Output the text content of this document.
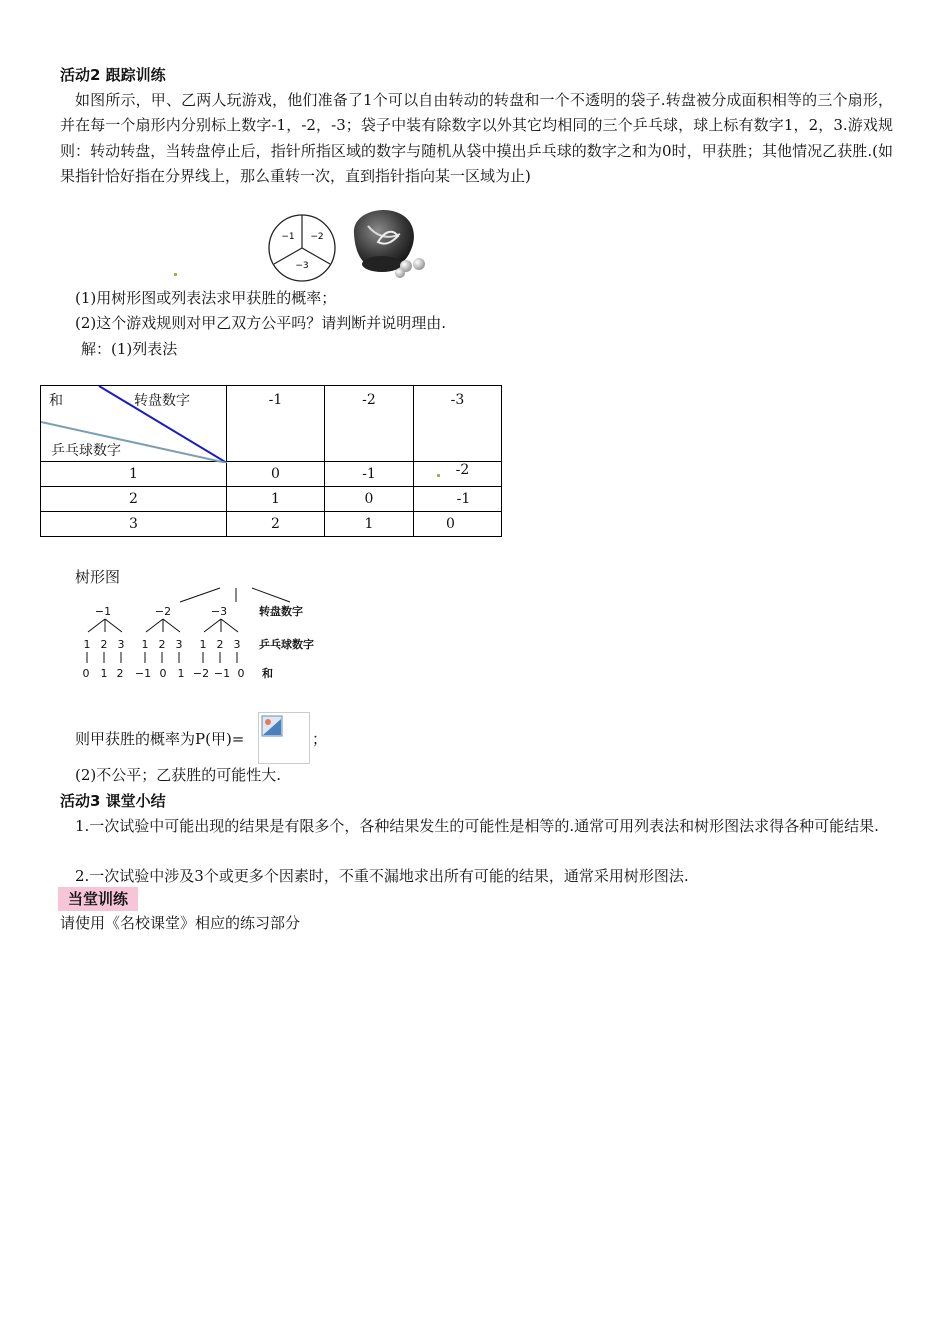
活动2 跟踪训练
如图所示，甲、乙两人玩游戏，他们准备了1个可以自由转动的转盘和一个不透明的袋子.转盘被分成面积相等的三个扇形，并在每一个扇形内分别标上数字-1，-2，-3；袋子中装有除数字以外其它均相同的三个乒乓球，球上标有数字1，2，3.游戏规则：转动转盘，当转盘停止后，指针所指区域的数字与随机从袋中摸出乒乓球的数字之和为0时，甲获胜；其他情况乙获胜.(如果指针恰好指在分界线上，那么重转一次，直到指针指向某一区域为止)
−1 −2
−3
(1)用树形图或列表法求甲获胜的概率；
(2)这个游戏规则对甲乙双方公平吗？请判断并说明理由.
解：(1)列表法
和 转盘数字
乒乓球数字	-1	-2	-3
1	0	-1	-2
2	1	0	-1
3	2	1	0
树形图
−1	−2	−3
1 2 3 1 2 3 1 2 3
0 1 2 −1 0 1 −2 −1 0
转盘数字
乒乓球数字
和
则甲获胜的概率为P(甲)=	；
(2)不公平；乙获胜的可能性大.
活动3 课堂小结
1.一次试验中可能出现的结果是有限多个，各种结果发生的可能性是相等的.通常可用列表法和树形图法求得各种可能结果.
2.一次试验中涉及3个或更多个因素时，不重不漏地求出所有可能的结果，通常采用树形图法.
当堂训练
请使用《名校课堂》相应的练习部分
